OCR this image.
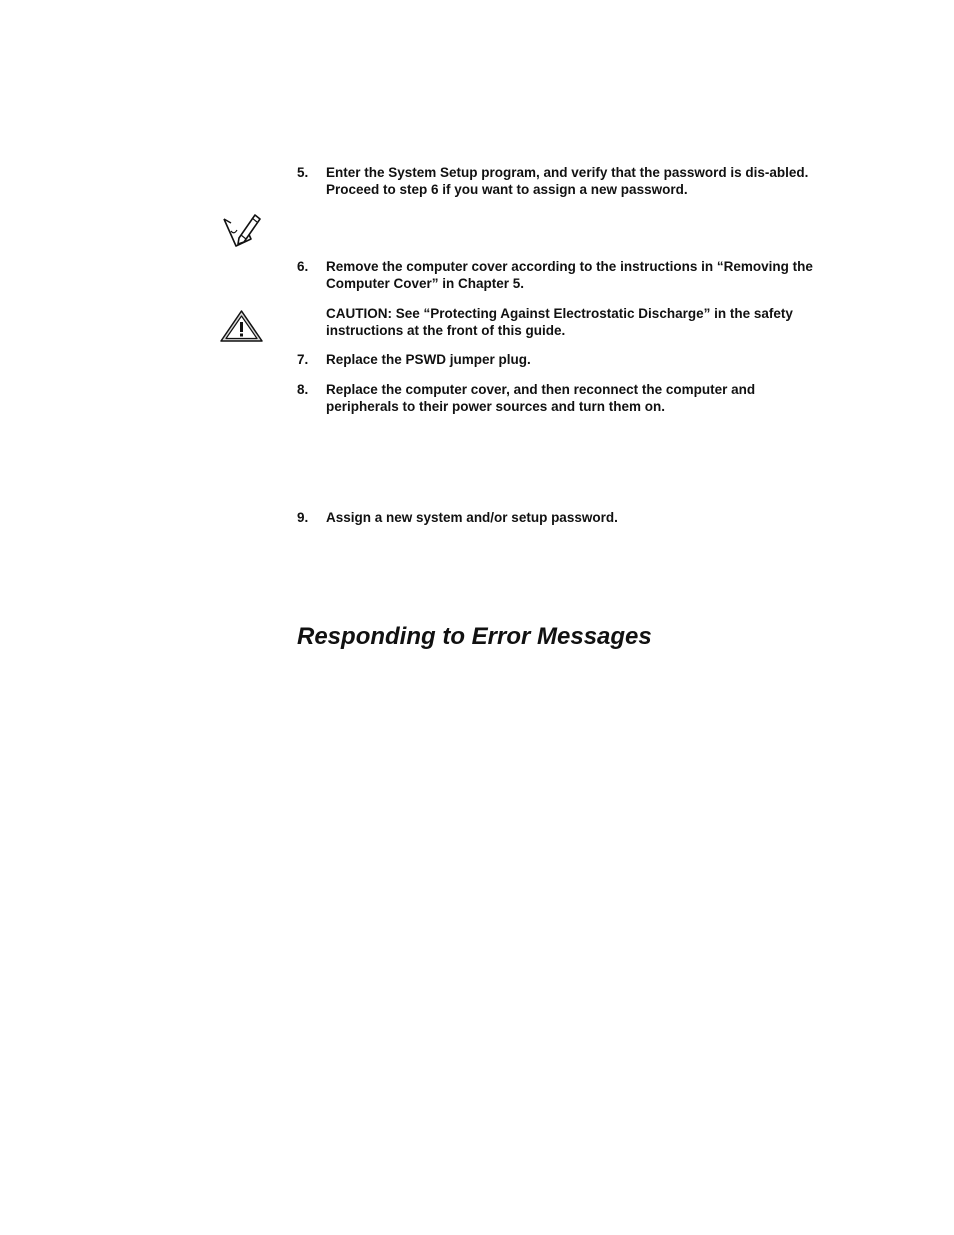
5.	Enter the System Setup program, and verify that the password is dis-abled. Proceed to step 6 if you want to assign a new password.
6.	Remove the computer cover according to the instructions in “Removing the Computer Cover” in Chapter 5.
CAUTION: See “Protecting Against Electrostatic Discharge” in the safety instructions at the front of this guide.
7.	Replace the PSWD jumper plug.
8.	Replace the computer cover, and then reconnect the computer and peripherals to their power sources and turn them on.
9.	Assign a new system and/or setup password.
Responding to Error Messages
